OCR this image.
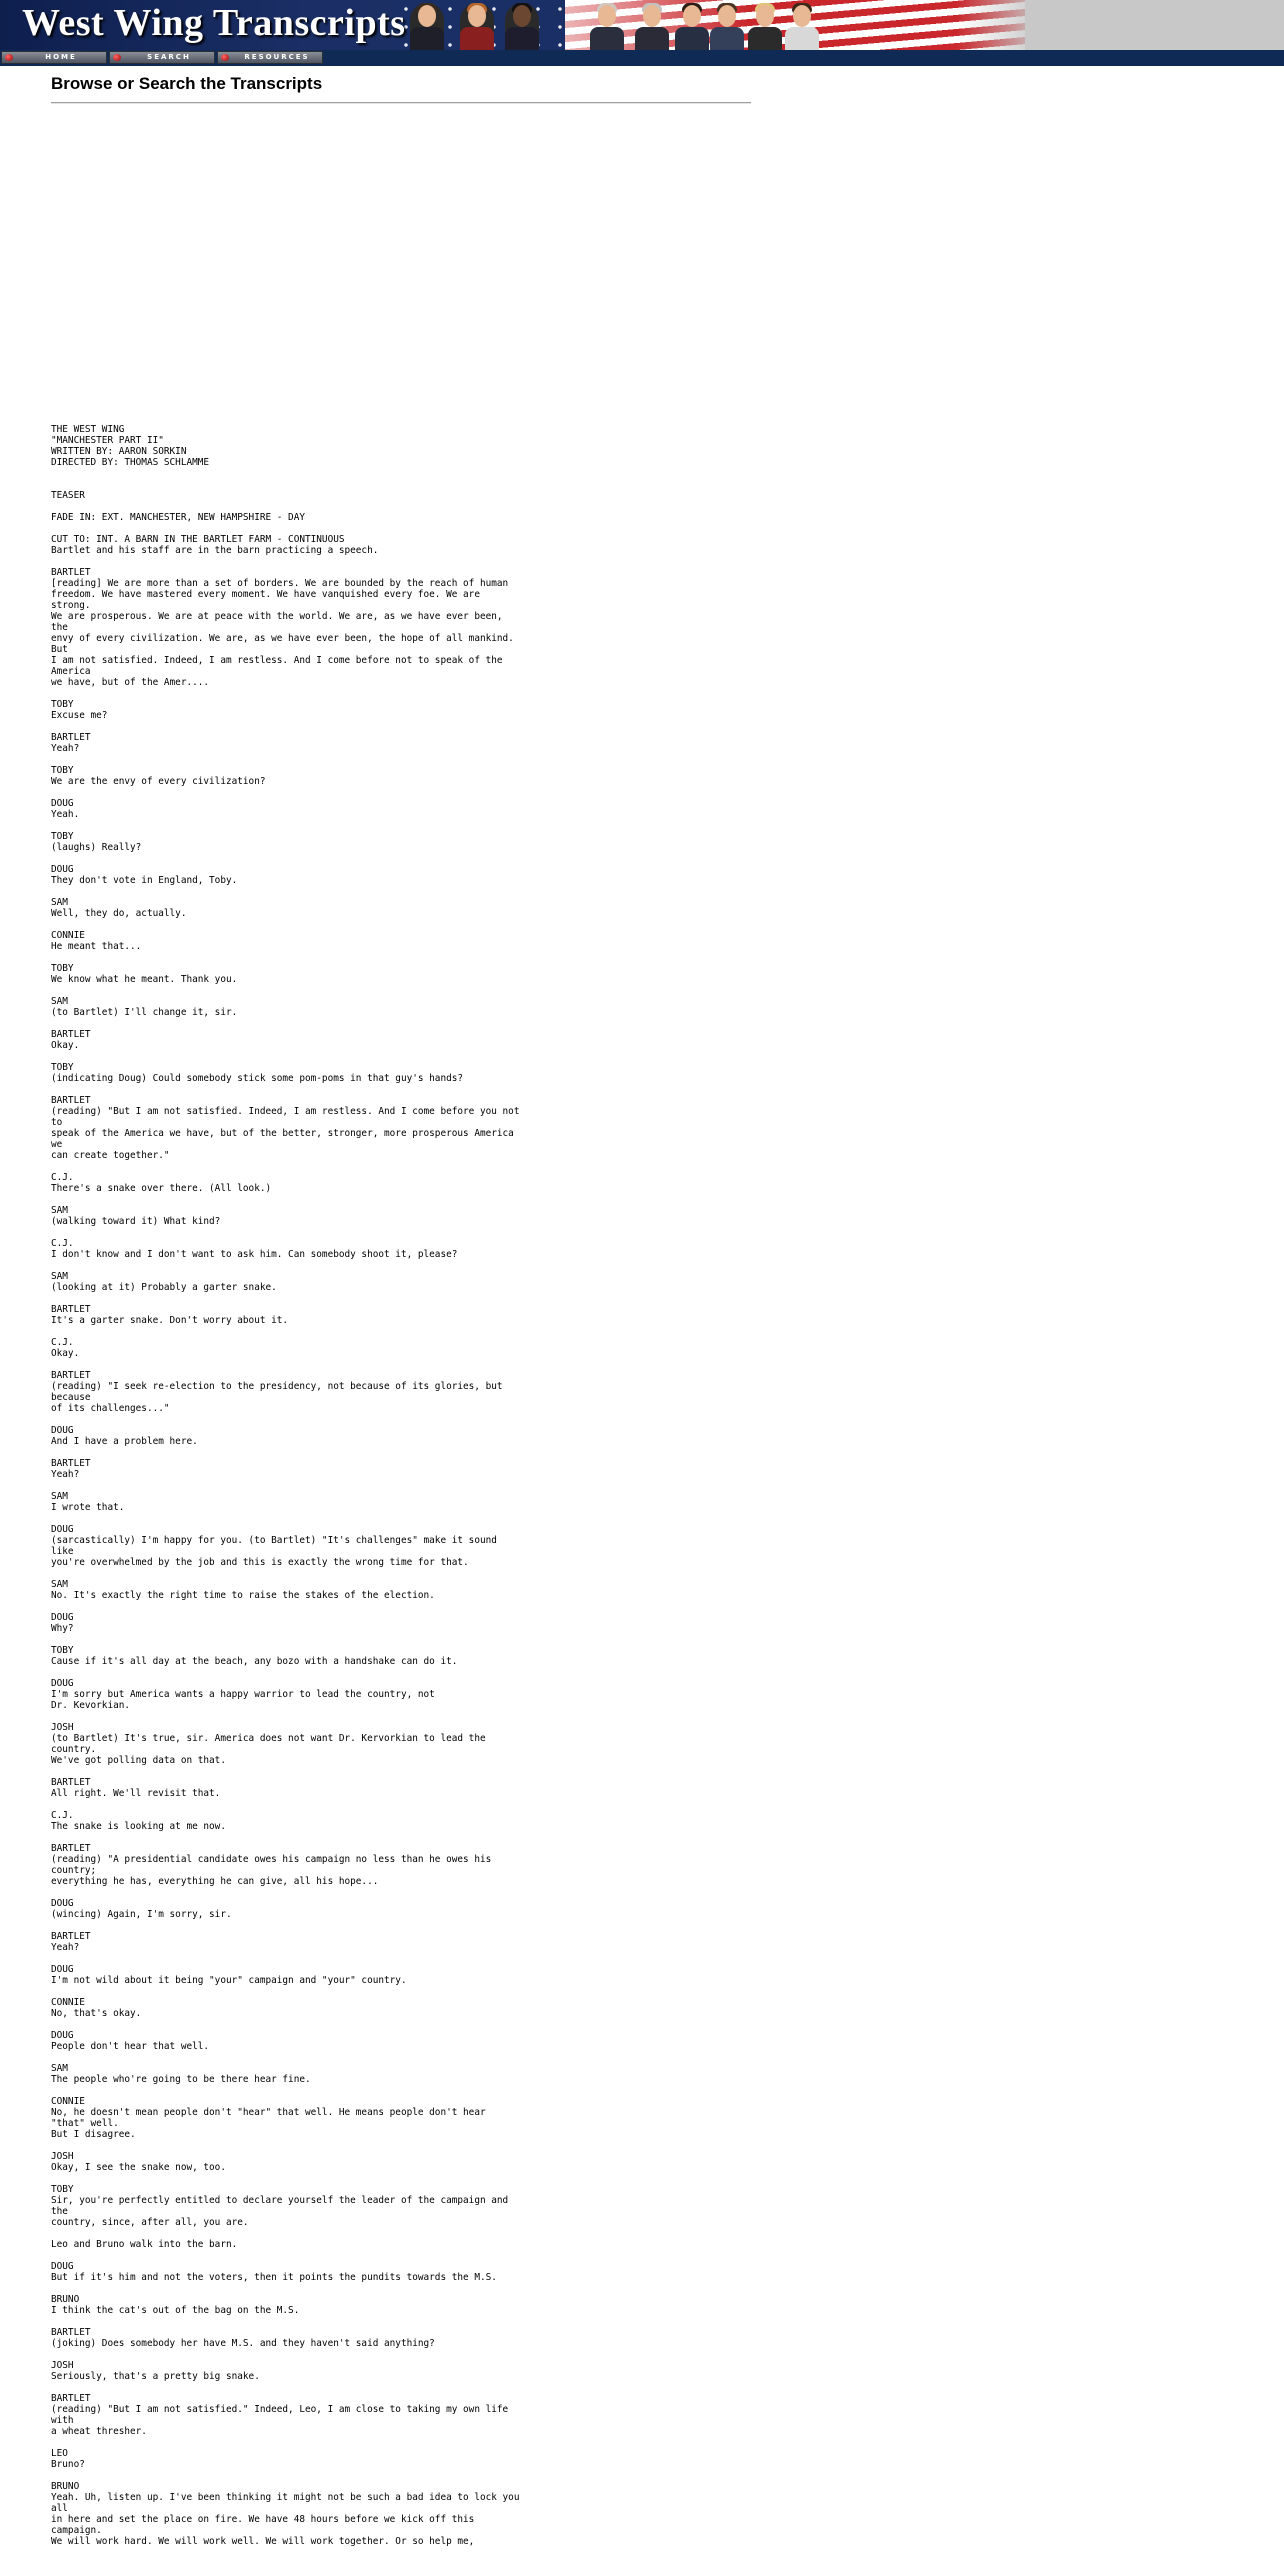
West Wing Transcripts
HOME	SEARCH	RESOURCES
Browse or Search the Transcripts
THE WEST WING
"MANCHESTER PART II"
WRITTEN BY: AARON SORKIN
DIRECTED BY: THOMAS SCHLAMME
TEASER
FADE IN: EXT. MANCHESTER, NEW HAMPSHIRE - DAY
CUT TO: INT. A BARN IN THE BARTLET FARM - CONTINUOUS
Bartlet and his staff are in the barn practicing a speech.
BARTLET
[reading] We are more than a set of borders. We are bounded by the reach of human
freedom. We have mastered every moment. We have vanquished every foe. We are strong.
We are prosperous. We are at peace with the world. We are, as we have ever been, the
envy of every civilization. We are, as we have ever been, the hope of all mankind. But
I am not satisfied. Indeed, I am restless. And I come before not to speak of the America
we have, but of the Amer....
TOBY
Excuse me?
BARTLET
Yeah?
TOBY
We are the envy of every civilization?
DOUG
Yeah.
TOBY
(laughs) Really?
DOUG
They don't vote in England, Toby.
SAM
Well, they do, actually.
CONNIE
He meant that...
TOBY
We know what he meant. Thank you.
SAM
(to Bartlet) I'll change it, sir.
BARTLET
Okay.
TOBY
(indicating Doug) Could somebody stick some pom-poms in that guy's hands?
BARTLET
(reading) "But I am not satisfied. Indeed, I am restless. And I come before you not to
speak of the America we have, but of the better, stronger, more prosperous America we
can create together."
C.J.
There's a snake over there. (All look.)
SAM
(walking toward it) What kind?
C.J.
I don't know and I don't want to ask him. Can somebody shoot it, please?
SAM
(looking at it) Probably a garter snake.
BARTLET
It's a garter snake. Don't worry about it.
C.J.
Okay.
BARTLET
(reading) "I seek re-election to the presidency, not because of its glories, but because
of its challenges..."
DOUG
And I have a problem here.
BARTLET
Yeah?
SAM
I wrote that.
DOUG
(sarcastically) I'm happy for you. (to Bartlet) "It's challenges" make it sound like
you're overwhelmed by the job and this is exactly the wrong time for that.
SAM
No. It's exactly the right time to raise the stakes of the election.
DOUG
Why?
TOBY
Cause if it's all day at the beach, any bozo with a handshake can do it.
DOUG
I'm sorry but America wants a happy warrior to lead the country, not
Dr. Kevorkian.
JOSH
(to Bartlet) It's true, sir. America does not want Dr. Kervorkian to lead the country.
We've got polling data on that.
BARTLET
All right. We'll revisit that.
C.J.
The snake is looking at me now.
BARTLET
(reading) "A presidential candidate owes his campaign no less than he owes his country;
everything he has, everything he can give, all his hope...
DOUG
(wincing) Again, I'm sorry, sir.
BARTLET
Yeah?
DOUG
I'm not wild about it being "your" campaign and "your" country.
CONNIE
No, that's okay.
DOUG
People don't hear that well.
SAM
The people who're going to be there hear fine.
CONNIE
No, he doesn't mean people don't "hear" that well. He means people don't hear "that" well.
But I disagree.
JOSH
Okay, I see the snake now, too.
TOBY
Sir, you're perfectly entitled to declare yourself the leader of the campaign and the
country, since, after all, you are.
Leo and Bruno walk into the barn.
DOUG
But if it's him and not the voters, then it points the pundits towards the M.S.
BRUNO
I think the cat's out of the bag on the M.S.
BARTLET
(joking) Does somebody her have M.S. and they haven't said anything?
JOSH
Seriously, that's a pretty big snake.
BARTLET
(reading) "But I am not satisfied." Indeed, Leo, I am close to taking my own life with
a wheat thresher.
LEO
Bruno?
BRUNO
Yeah. Uh, listen up. I've been thinking it might not be such a bad idea to lock you all
in here and set the place on fire. We have 48 hours before we kick off this campaign.
We will work hard. We will work well. We will work together. Or so help me,
